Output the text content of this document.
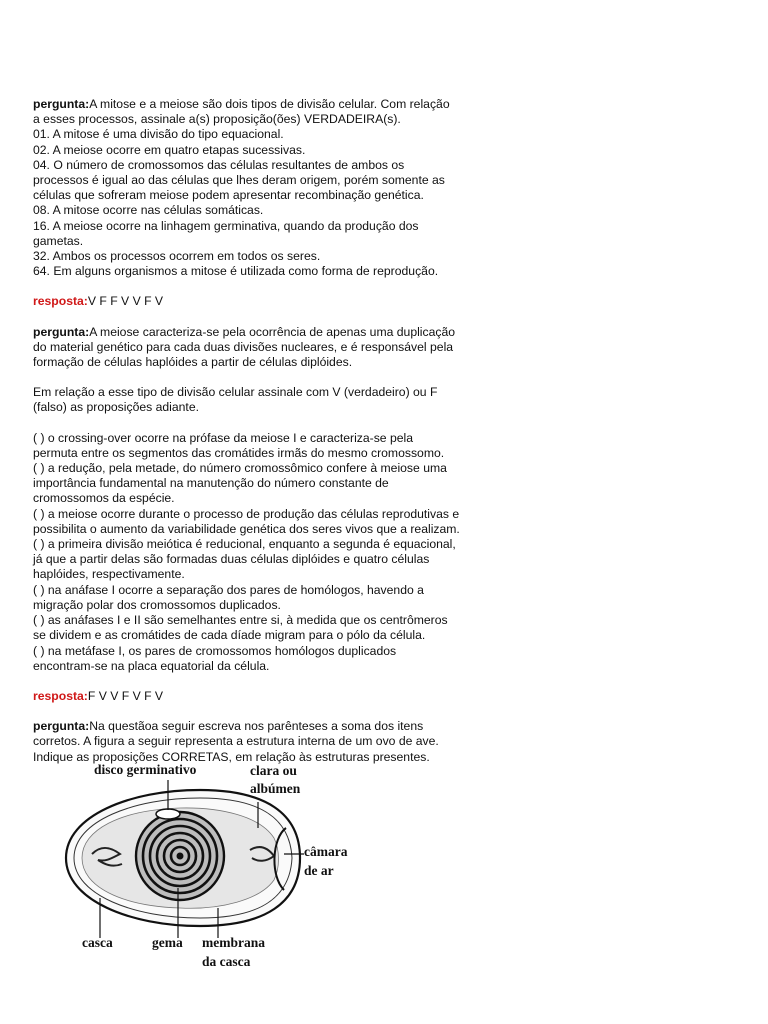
pergunta:A mitose e a meiose são dois tipos de divisão celular. Com relação
a esses processos, assinale a(s) proposição(ões) VERDADEIRA(s).
01. A mitose é uma divisão do tipo equacional.
02. A meiose ocorre em quatro etapas sucessivas.
04. O número de cromossomos das células resultantes de ambos os
processos é igual ao das células que lhes deram origem, porém somente as
células que sofreram meiose podem apresentar recombinação genética.
08. A mitose ocorre nas células somáticas.
16. A meiose ocorre na linhagem germinativa, quando da produção dos
gametas.
32. Ambos os processos ocorrem em todos os seres.
64. Em alguns organismos a mitose é utilizada como forma de reprodução.
resposta:V F F V V F V
pergunta:A meiose caracteriza-se pela ocorrência de apenas uma duplicação
do material genético para cada duas divisões nucleares, e é responsável pela
formação de células haplóides a partir de células diplóides.
Em relação a esse tipo de divisão celular assinale com V (verdadeiro) ou F
(falso) as proposições adiante.
( ) o crossing-over ocorre na prófase da meiose I e caracteriza-se pela
permuta entre os segmentos das cromátides irmãs do mesmo cromossomo.
( ) a redução, pela metade, do número cromossômico confere à meiose uma
importância fundamental na manutenção do número constante de
cromossomos da espécie.
( ) a meiose ocorre durante o processo de produção das células reprodutivas e
possibilita o aumento da variabilidade genética dos seres vivos que a realizam.
( ) a primeira divisão meiótica é reducional, enquanto a segunda é equacional,
já que a partir delas são formadas duas células diplóides e quatro células
haplóides, respectivamente.
( ) na anáfase I ocorre a separação dos pares de homólogos, havendo a
migração polar dos cromossomos duplicados.
( ) as anáfases I e II são semelhantes entre si, à medida que os centrômeros
se dividem e as cromátides de cada díade migram para o pólo da célula.
( ) na metáfase I, os pares de cromossomos homólogos duplicados
encontram-se na placa equatorial da célula.
resposta:F V V F V F V
pergunta:Na questãoa seguir escreva nos parênteses a soma dos itens
corretos. A figura a seguir representa a estrutura interna de um ovo de ave.
Indique as proposições CORRETAS, em relação às estruturas presentes.
disco germinativo	clara ou
albúmen
câmara
de ar
casca	gema membrana
da casca
